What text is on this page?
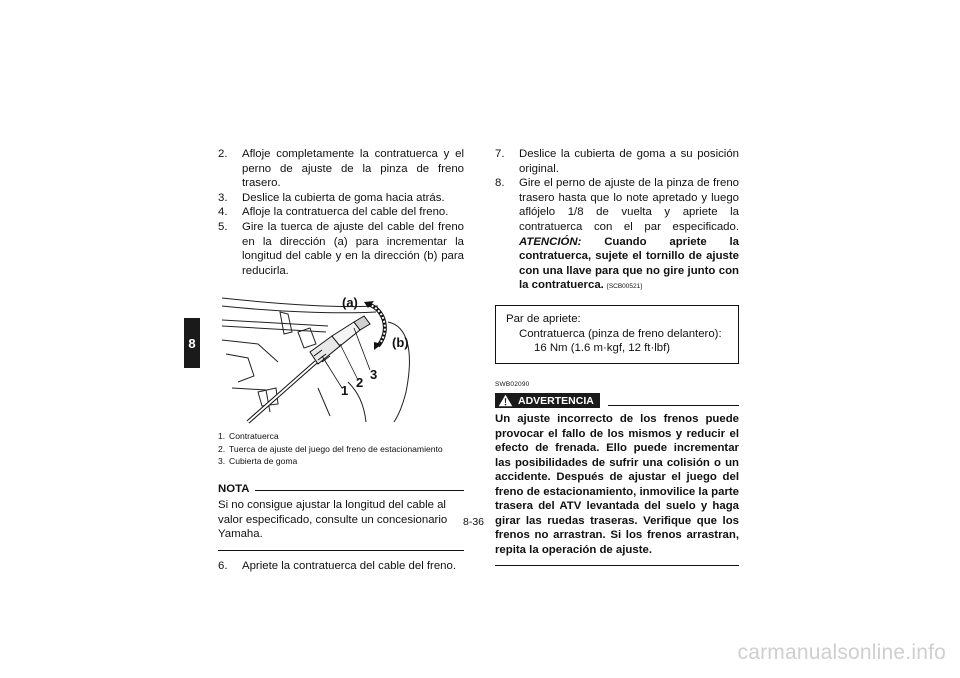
8
2.	Afloje completamente la contratuerca y el perno de ajuste de la pinza de freno trasero.
3.	Deslice la cubierta de goma hacia atrás.
4.	Afloje la contratuerca del cable del freno.
5.	Gire la tuerca de ajuste del cable del freno en la dirección (a) para incrementar la longitud del cable y en la dirección (b) para reducirla.
(a)
(b)
1
2
3
1. Contratuerca
2. Tuerca de ajuste del juego del freno de estacionamiento
3. Cubierta de goma
NOTA
Si no consigue ajustar la longitud del cable al valor especificado, consulte un concesionario Yamaha.
6.	Apriete la contratuerca del cable del freno.
7.	Deslice la cubierta de goma a su posición original.
8.	Gire el perno de ajuste de la pinza de freno trasero hasta que lo note apretado y luego aflójelo 1/8 de vuelta y apriete la contratuerca con el par especificado. ATENCIÓN: Cuando apriete la contratuerca, sujete el tornillo de ajuste con una llave para que no gire junto con la contratuerca. [SCB00521]
Par de apriete:
Contratuerca (pinza de freno delantero):
16 Nm (1.6 m·kgf, 12 ft·lbf)
SWB02090
ADVERTENCIA
Un ajuste incorrecto de los frenos puede provocar el fallo de los mismos y reducir el efecto de frenada. Ello puede incrementar las posibilidades de sufrir una colisión o un accidente. Después de ajustar el juego del freno de estacionamiento, inmovilice la parte trasera del ATV levantada del suelo y haga girar las ruedas traseras. Verifique que los frenos no arrastran. Si los frenos arrastran, repita la operación de ajuste.
8-36
carmanualsonline.info
